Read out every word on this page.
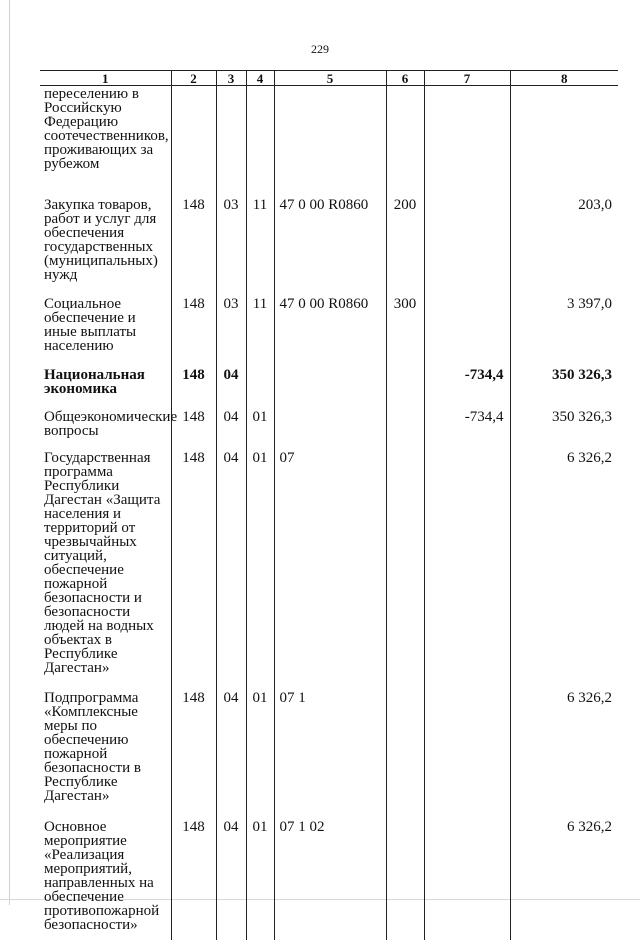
229
1	2	3	4	5	6	7	8
переселению в Российскую Федерацию соотечественников, проживающих за рубежом							
Закупка товаров, работ и услуг для обеспечения государственных (муниципальных) нужд	148	03	11	47 0 00 R0860	200		203,0
Социальное обеспечение и иные выплаты населению	148	03	11	47 0 00 R0860	300		3 397,0
Национальная экономика	148	04				-734,4	350 326,3
Общеэкономические вопросы	148	04	01			-734,4	350 326,3
Государственная программа Республики Дагестан «Защита населения и территорий от чрезвычайных ситуаций, обеспечение пожарной безопасности и безопасности людей на водных объектах в Республике Дагестан»	148	04	01	07			6 326,2
Подпрограмма «Комплексные меры по обеспечению пожарной безопасности в Республике Дагестан»	148	04	01	07 1			6 326,2
Основное мероприятие «Реализация мероприятий, направленных на обеспечение противопожарной безопасности»	148	04	01	07 1 02			6 326,2
